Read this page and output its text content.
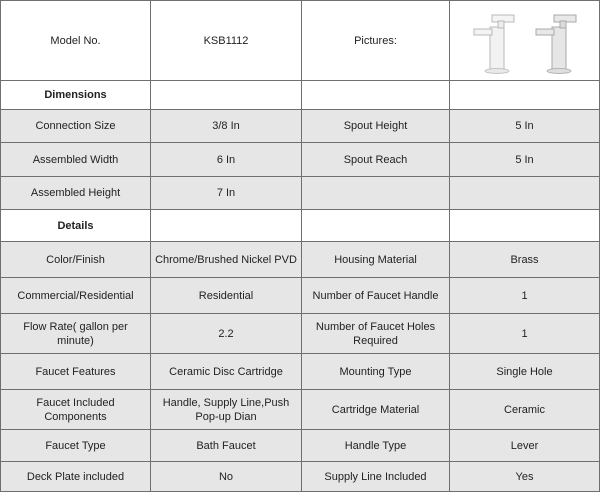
Model No.	KSB1112	Pictures:	

Dimensions			
Connection Size	3/8 In	Spout Height	5 In
Assembled Width	6 In	Spout Reach	5 In
Assembled Height	7 In		
Details			
Color/Finish	Chrome/Brushed Nickel PVD	Housing Material	Brass
Commercial/Residential	Residential	Number of Faucet Handle	1
Flow Rate( gallon per minute)	2.2	Number of Faucet Holes Required	1
Faucet Features	Ceramic Disc Cartridge	Mounting Type	Single Hole
Faucet Included Components	Handle, Supply Line,Push Pop-up Dian	Cartridge Material	Ceramic
Faucet Type	Bath Faucet	Handle Type	Lever
Deck Plate included	No	Supply Line Included	Yes
